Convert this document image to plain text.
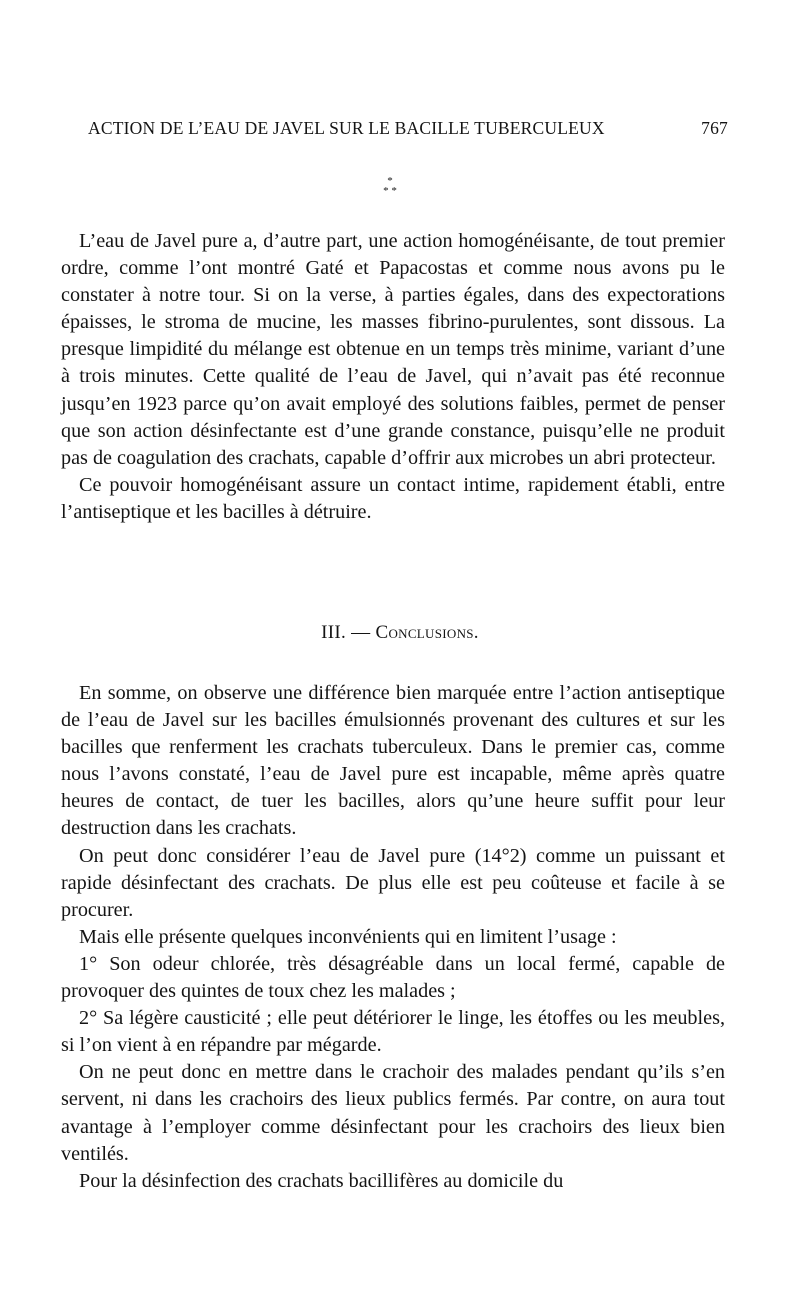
ACTION DE L’EAU DE JAVEL SUR LE BACILLE TUBERCULEUX	767
*
* *

L’eau de Javel pure a, d’autre part, une action homogénéisante, de tout premier ordre, comme l’ont montré Gaté et Papacostas et comme nous avons pu le constater à notre tour. Si on la verse, à parties égales, dans des expectorations épaisses, le stroma de mucine, les masses fibrino-purulentes, sont dissous. La presque limpidité du mélange est obtenue en un temps très minime, variant d’une à trois minutes. Cette qualité de l’eau de Javel, qui n’avait pas été reconnue jusqu’en 1923 parce qu’on avait employé des solutions faibles, permet de penser que son action désinfectante est d’une grande constance, puisqu’elle ne produit pas de coagulation des crachats, capable d’offrir aux microbes un abri protecteur.

Ce pouvoir homogénéisant assure un contact intime, rapidement établi, entre l’antiseptique et les bacilles à détruire.

III. — Conclusions.

En somme, on observe une différence bien marquée entre l’action antiseptique de l’eau de Javel sur les bacilles émulsionnés provenant des cultures et sur les bacilles que renferment les crachats tuberculeux. Dans le premier cas, comme nous l’avons constaté, l’eau de Javel pure est incapable, même après quatre heures de contact, de tuer les bacilles, alors qu’une heure suffit pour leur destruction dans les crachats.

On peut donc considérer l’eau de Javel pure (14°2) comme un puissant et rapide désinfectant des crachats. De plus elle est peu coûteuse et facile à se procurer.

Mais elle présente quelques inconvénients qui en limitent l’usage :

1° Son odeur chlorée, très désagréable dans un local fermé, capable de provoquer des quintes de toux chez les malades ;

2° Sa légère causticité ; elle peut détériorer le linge, les étoffes ou les meubles, si l’on vient à en répandre par mégarde.

On ne peut donc en mettre dans le crachoir des malades pendant qu’ils s’en servent, ni dans les crachoirs des lieux publics fermés. Par contre, on aura tout avantage à l’employer comme désinfectant pour les crachoirs des lieux bien ventilés.

Pour la désinfection des crachats bacillifères au domicile du
